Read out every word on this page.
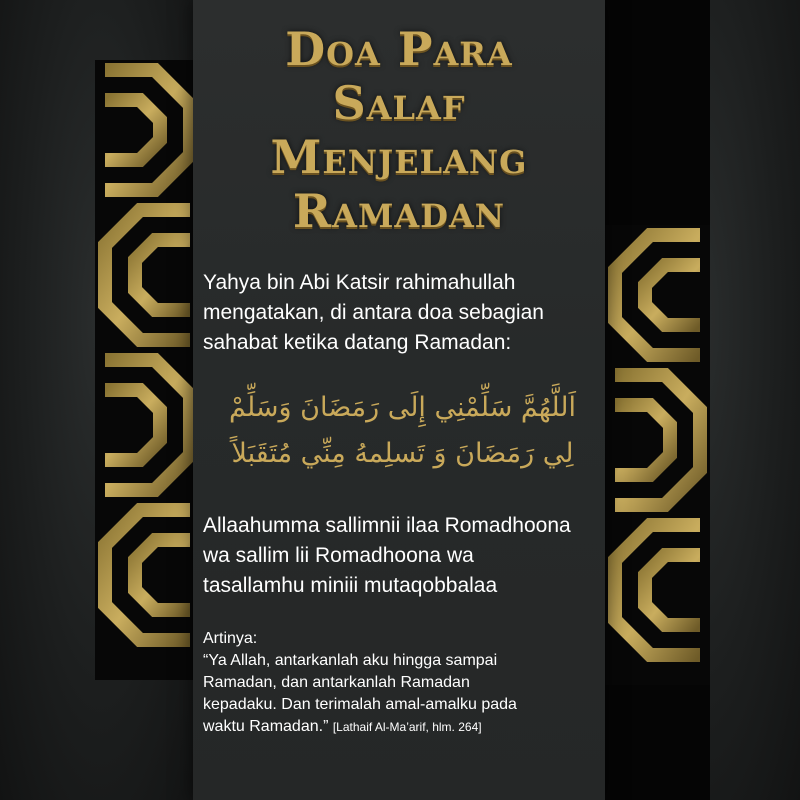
Doa Para
Salaf
Menjelang
Ramadan
Yahya bin Abi Katsir rahimahullah
mengatakan, di antara doa sebagian
sahabat ketika datang Ramadan:
اَللَّهُمَّ سَلِّمْنِي إِلَى رَمَضَانَ وَسَلِّمْ
لِي رَمَضَانَ وَ تَسلِمهُ مِنِّي مُتَقَبَلاً
Allaahumma sallimnii ilaa Romadhoona
wa sallim lii Romadhoona wa
tasallamhu miniii mutaqobbalaa
Artinya:
“Ya Allah, antarkanlah aku hingga sampai
Ramadan, dan antarkanlah Ramadan
kepadaku. Dan terimalah amal-amalku pada
waktu Ramadan.” [Lathaif Al-Ma’arif, hlm. 264]
